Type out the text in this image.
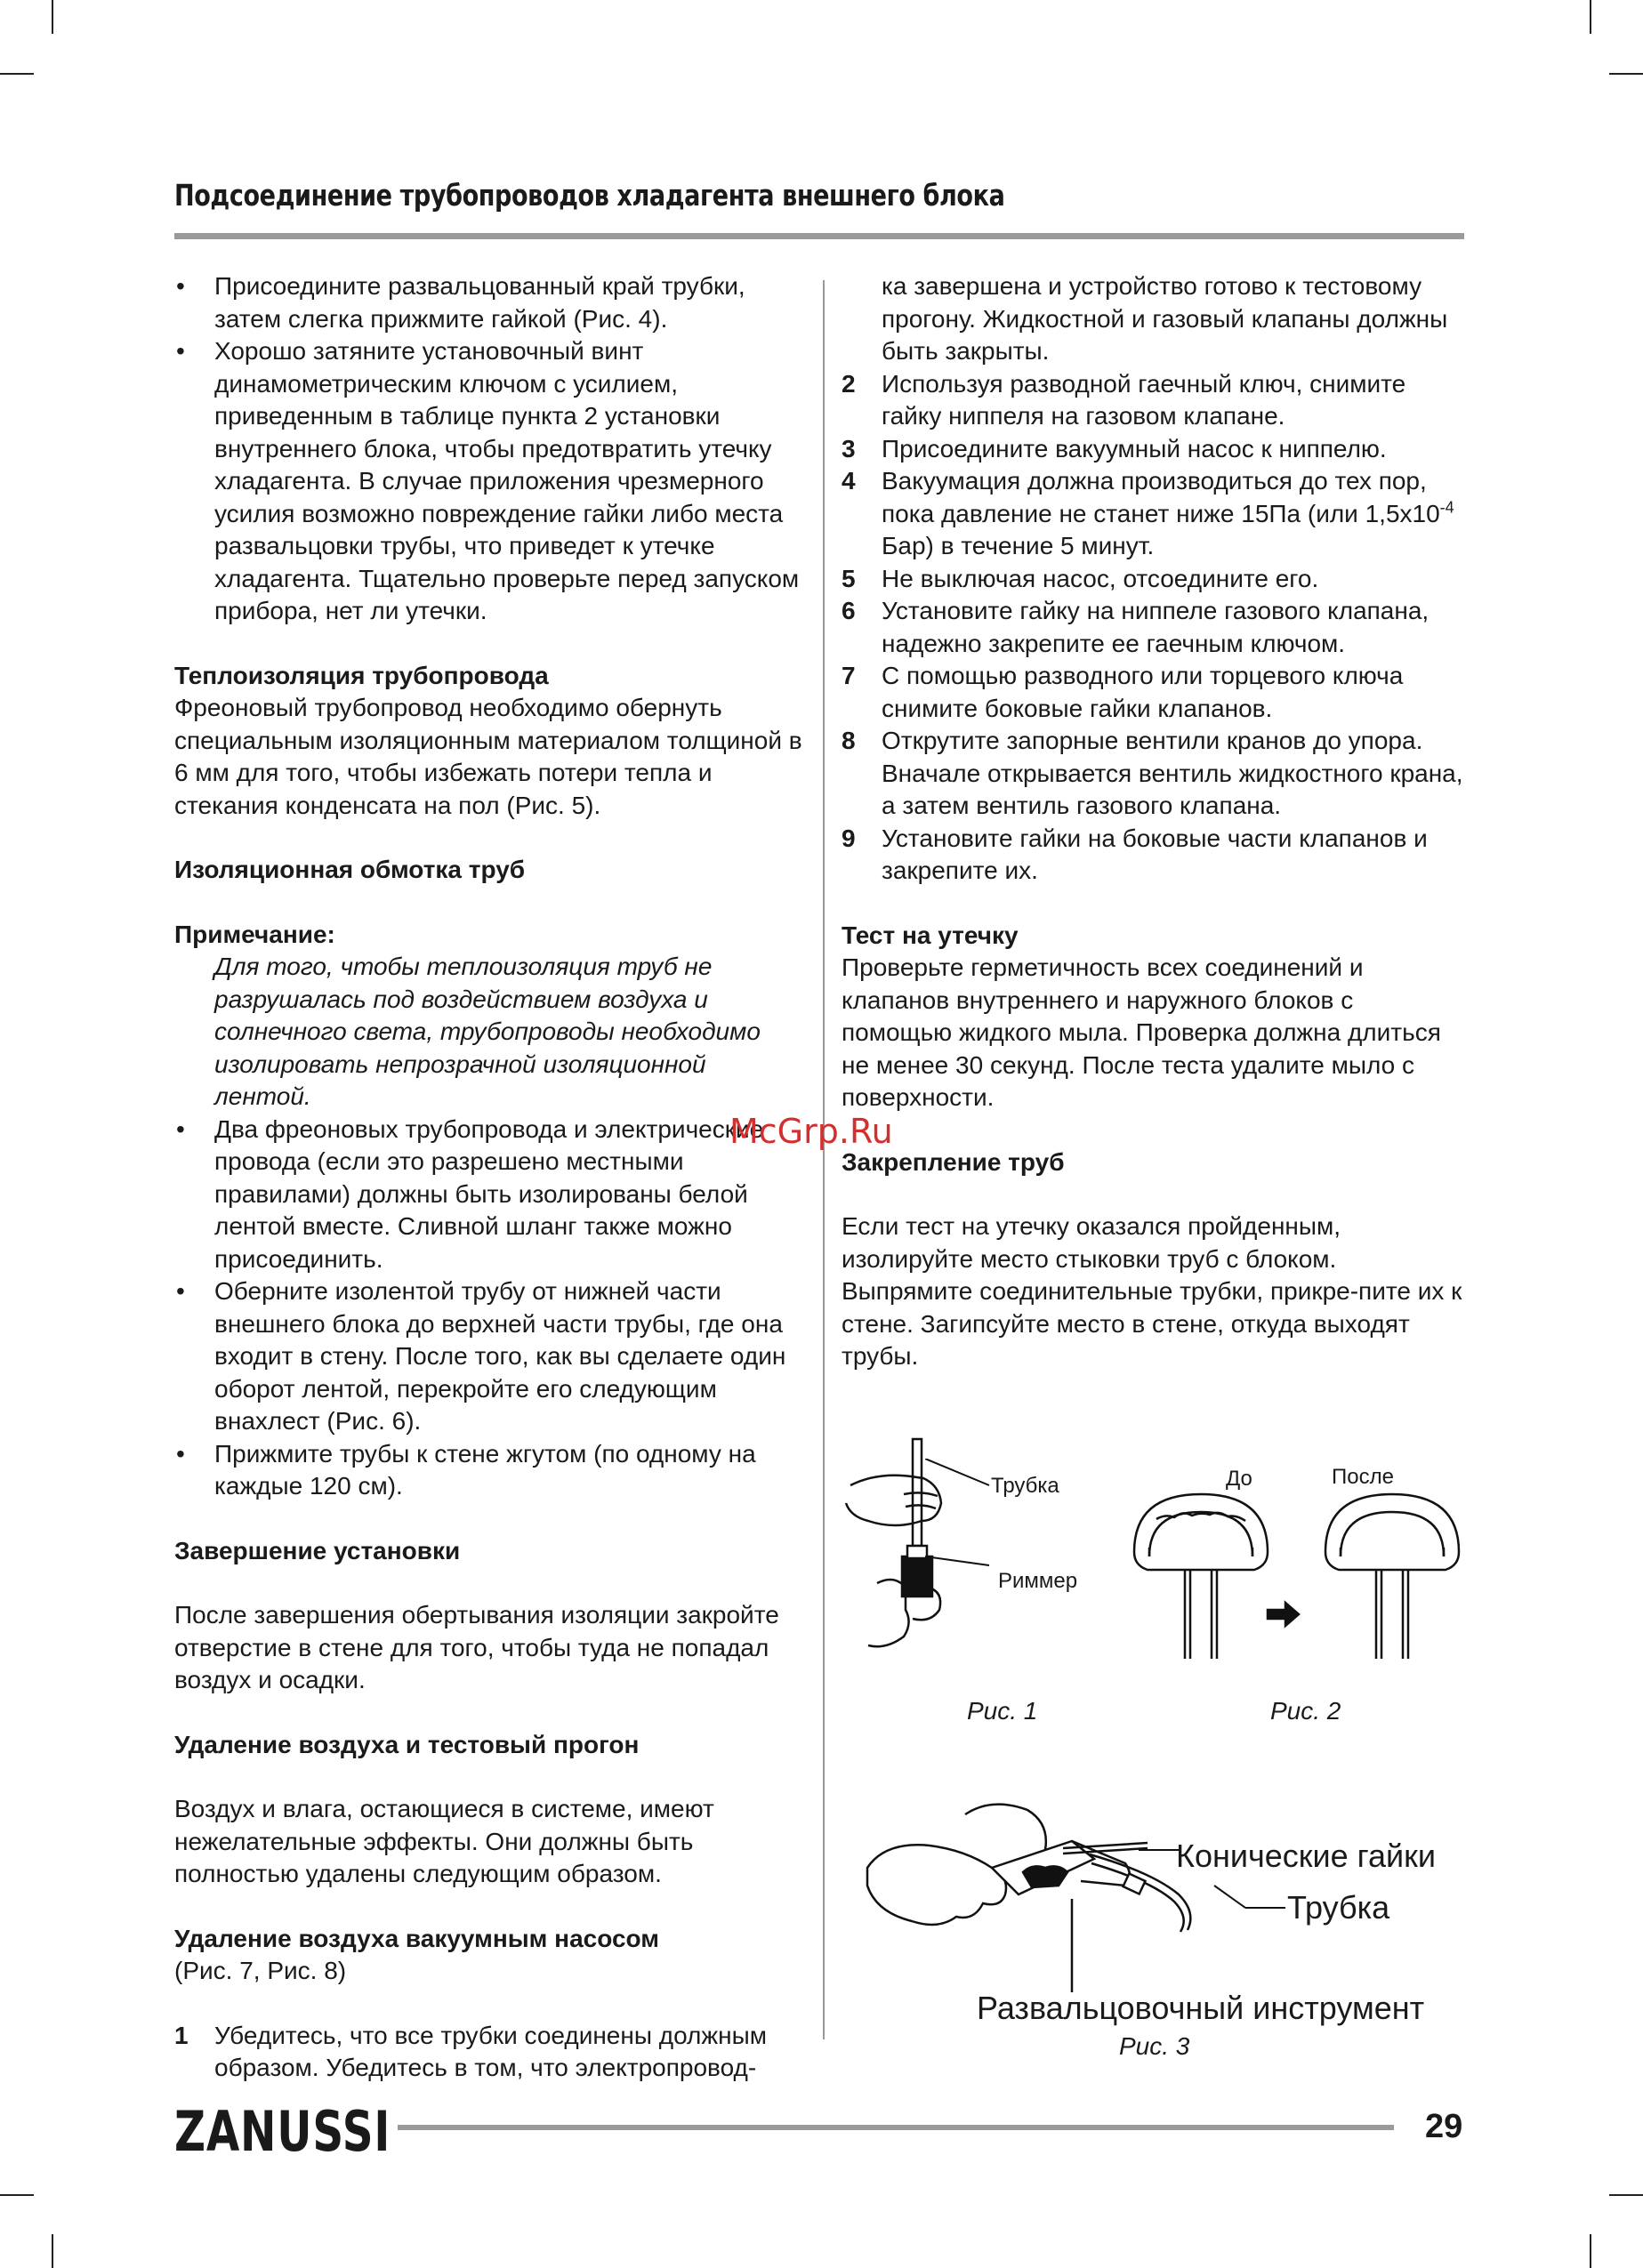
Подсоединение трубопроводов хладагента внешнего блока
• Присоедините развальцованный край трубки, затем слегка прижмите гайкой (Рис. 4).
• Хорошо затяните установочный винт динамометрическим ключом с усилием, приведенным в таблице пункта 2 установки внутреннего блока, чтобы предотвратить утечку хладагента. В случае приложения чрезмерного усилия возможно повреждение гайки либо места развальцовки трубы, что приведет к утечке хладагента. Тщательно проверьте перед запуском прибора, нет ли утечки.
Теплоизоляция трубопровода
Фреоновый трубопровод необходимо обернуть специальным изоляционным материалом толщиной в 6 мм для того, чтобы избежать потери тепла и стекания конденсата на пол (Рис. 5).
Изоляционная обмотка труб
Примечание:
Для того, чтобы теплоизоляция труб не разрушалась под воздействием воздуха и солнечного света, трубопроводы необходимо изолировать непрозрачной изоляционной лентой.
• Два фреоновых трубопровода и электрические провода (если это разрешено местными правилами) должны быть изолированы белой лентой вместе. Сливной шланг также можно присоединить.
• Оберните изолентой трубу от нижней части внешнего блока до верхней части трубы, где она входит в стену. После того, как вы сделаете один оборот лентой, перекройте его следующим внахлест (Рис. 6).
• Прижмите трубы к стене жгутом (по одному на каждые 120 см).
Завершение установки
После завершения обертывания изоляции закройте отверстие в стене для того, чтобы туда не попадал воздух и осадки.
Удаление воздуха и тестовый прогон
Воздух и влага, остающиеся в системе, имеют нежелательные эффекты. Они должны быть полностью удалены следующим образом.
Удаление воздуха вакуумным насосом
(Рис. 7, Рис. 8)
1 Убедитесь, что все трубки соединены должным образом. Убедитесь в том, что электропровод-
ка завершена и устройство готово к тестовому прогону. Жидкостной и газовый клапаны должны быть закрыты.
2 Используя разводной гаечный ключ, снимите гайку ниппеля на газовом клапане.
3 Присоедините вакуумный насос к ниппелю.
4 Вакуумация должна производиться до тех пор, пока давление не станет ниже 15Па (или $1,5х10^{-4}$ Бар) в течение 5 минут.
5 Не выключая насос, отсоедините его.
6 Установите гайку на ниппеле газового клапана, надежно закрепите ее гаечным ключом.
7 С помощью разводного или торцевого ключа снимите боковые гайки клапанов.
8 Открутите запорные вентили кранов до упора. Вначале открывается вентиль жидкостного крана, а затем вентиль газового клапана.
9 Установите гайки на боковые части клапанов и закрепите их.
Тест на утечку
Проверьте герметичность всех соединений и клапанов внутреннего и наружного блоков с помощью жидкого мыла. Проверка должна длиться не менее 30 секунд. После теста удалите мыло с поверхности.
Закрепление труб
Если тест на утечку оказался пройденным, изолируйте место стыковки труб с блоком. Выпрямите соединительные трубки, прикре-пите их к стене. Загипсуйте место в стене, откуда выходят трубы.
McGrp.Ru
Трубка
Риммер
Рис. 1
До	После
Рис. 2
Конические гайки
Трубка
Развальцовочный инструмент
Рис. 3
ZANUSSI	29
